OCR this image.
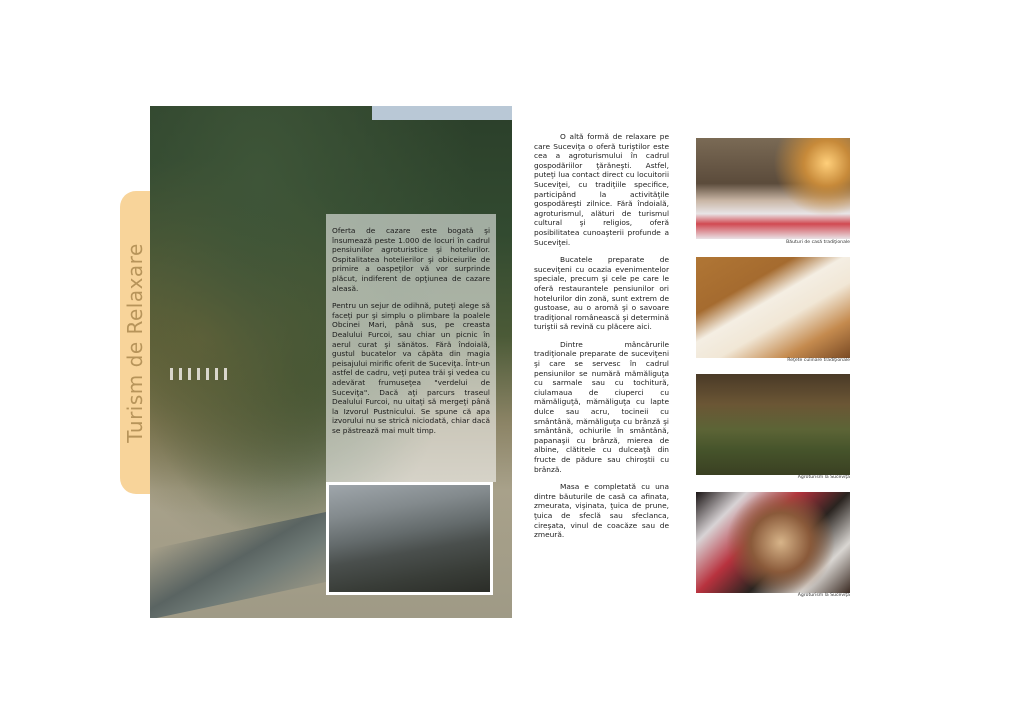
Turism de Relaxare

Oferta de cazare este bogată şi însumează peste 1.000 de locuri în cadrul pensiunilor agroturistice şi hotelurilor. Ospitalitatea hotelierilor şi obiceiurile de primire a oaspeţilor vă vor surprinde plăcut, indiferent de opţiunea de cazare aleasă.

Pentru un sejur de odihnă, puteţi alege să faceţi pur şi simplu o plimbare la poalele Obcinei Mari, până sus, pe creasta Dealului Furcoi, sau chiar un picnic în aerul curat şi sănătos. Fără îndoială, gustul bucatelor va căpăta din magia peisajului mirific oferit de Suceviţa. Într-un astfel de cadru, veţi putea trăi şi vedea cu adevărat frumuseţea "verdelui de Suceviţa". Dacă aţi parcurs traseul Dealului Furcoi, nu uitaţi să mergeţi până la Izvorul Pustnicului. Se spune că apa izvorului nu se strică niciodată, chiar dacă se păstrează mai mult timp.

O altă formă de relaxare pe care Suceviţa o oferă turiştilor este cea a agroturismului în cadrul gospodăriilor ţărăneşti. Astfel, puteţi lua contact direct cu locuitorii Suceviţei, cu tradiţiile specifice, participând la activităţile gospodăreşti zilnice. Fără îndoială, agroturismul, alături de turismul cultural şi religios, oferă posibilitatea cunoaşterii profunde a Suceviţei.

Bucatele preparate de suceviţeni cu ocazia evenimentelor speciale, precum şi cele pe care le oferă restaurantele pensiunilor ori hotelurilor din zonă, sunt extrem de gustoase, au o aromă şi o savoare tradiţional românească şi determină turiştii să revină cu plăcere aici.

Dintre mâncărurile tradiţionale preparate de suceviţeni şi care se servesc în cadrul pensiunilor se numără mămăliguţa cu sarmale sau cu tochitură, ciulamaua de ciuperci cu mămăliguţă, mămăliguţa cu lapte dulce sau acru, tocineii cu smântână, mămăliguţa cu brânză şi smântână, ochiurile în smântână, papanaşii cu brânză, mierea de albine, clătitele cu dulceaţă din fructe de pădure sau chiroştii cu brânză.

Masa e completată cu una dintre băuturile de casă ca afinata, zmeurata, vişinata, ţuica de prune, ţuica de sfeclă sau sfeclanca, cireşata, vinul de coacăze sau de zmeură.

Băuturi de casă tradiţionale
Reţete culinare tradiţionale
Agroturism la Suceviţa
Agroturism la Suceviţa
